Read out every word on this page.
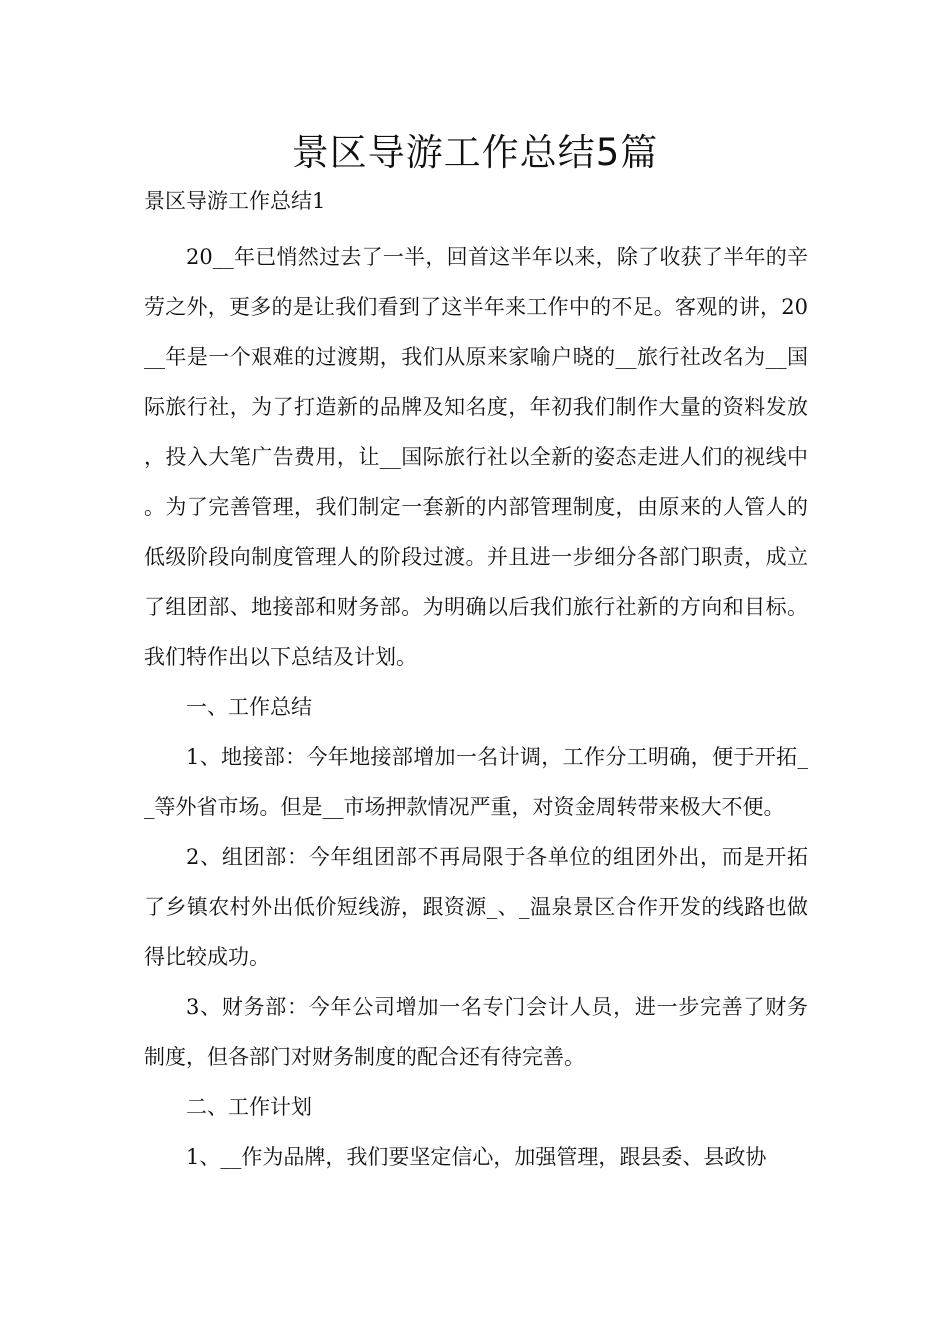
景区导游工作总结5篇
景区导游工作总结1

20__年已悄然过去了一半，回首这半年以来，除了收获了半年的辛劳之外，更多的是让我们看到了这半年来工作中的不足。客观的讲，20__年是一个艰难的过渡期，我们从原来家喻户晓的__旅行社改名为__国际旅行社，为了打造新的品牌及知名度，年初我们制作大量的资料发放，投入大笔广告费用，让__国际旅行社以全新的姿态走进人们的视线中。为了完善管理，我们制定一套新的内部管理制度，由原来的人管人的低级阶段向制度管理人的阶段过渡。并且进一步细分各部门职责，成立了组团部、地接部和财务部。为明确以后我们旅行社新的方向和目标。我们特作出以下总结及计划。

一、工作总结

1、地接部：今年地接部增加一名计调，工作分工明确，便于开拓__等外省市场。但是__市场押款情况严重，对资金周转带来极大不便。

2、组团部：今年组团部不再局限于各单位的组团外出，而是开拓了乡镇农村外出低价短线游，跟资源_、_温泉景区合作开发的线路也做得比较成功。

3、财务部：今年公司增加一名专门会计人员，进一步完善了财务制度，但各部门对财务制度的配合还有待完善。

二、工作计划

1、__作为品牌，我们要坚定信心，加强管理，跟县委、县政协
